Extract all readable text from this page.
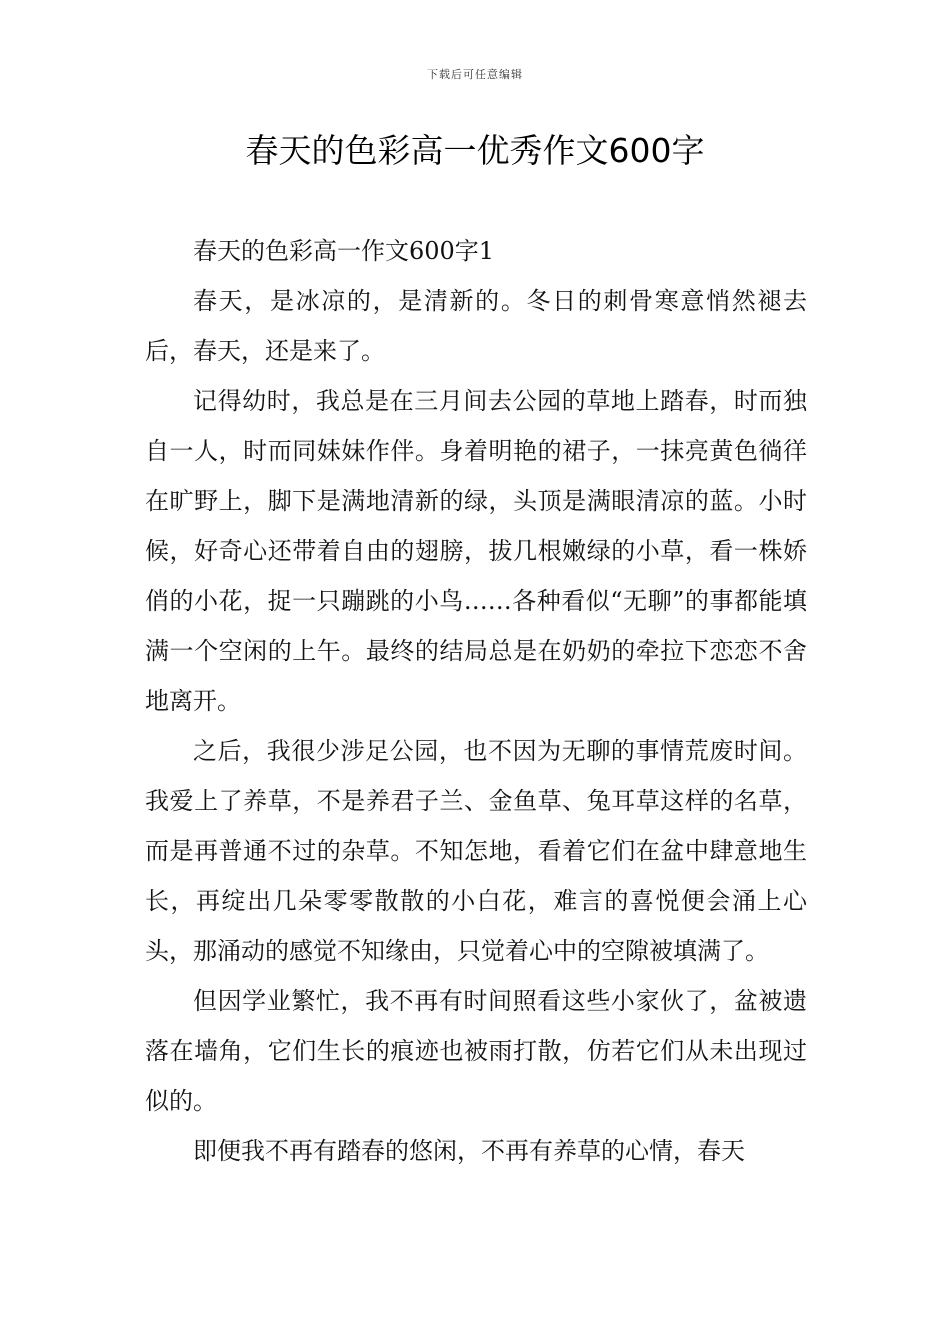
下载后可任意编辑
春天的色彩高一优秀作文600字

春天的色彩高一作文600字1

春天，是冰凉的，是清新的。冬日的刺骨寒意悄然褪去后，春天，还是来了。

记得幼时，我总是在三月间去公园的草地上踏春，时而独自一人，时而同妹妹作伴。身着明艳的裙子，一抹亮黄色徜徉在旷野上，脚下是满地清新的绿，头顶是满眼清凉的蓝。小时候，好奇心还带着自由的翅膀，拔几根嫩绿的小草，看一株娇俏的小花，捉一只蹦跳的小鸟……各种看似“无聊”的事都能填满一个空闲的上午。最终的结局总是在奶奶的牵拉下恋恋不舍地离开。

之后，我很少涉足公园，也不因为无聊的事情荒废时间。我爱上了养草，不是养君子兰、金鱼草、兔耳草这样的名草，而是再普通不过的杂草。不知怎地，看着它们在盆中肆意地生长，再绽出几朵零零散散的小白花，难言的喜悦便会涌上心头，那涌动的感觉不知缘由，只觉着心中的空隙被填满了。

但因学业繁忙，我不再有时间照看这些小家伙了，盆被遗落在墙角，它们生长的痕迹也被雨打散，仿若它们从未出现过似的。

即便我不再有踏春的悠闲，不再有养草的心情，春天
